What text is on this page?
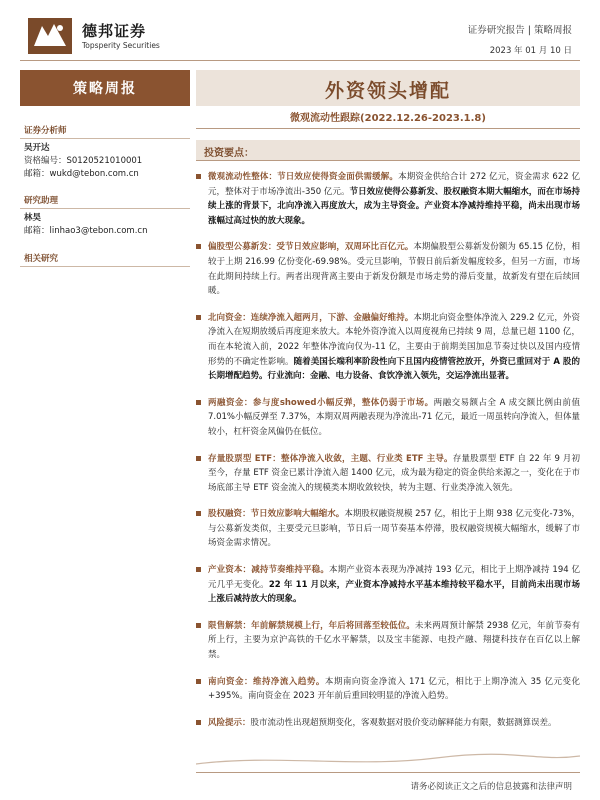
德邦证券
Topsperity Securities
证券研究报告 | 策略周报
2023 年 01 月 10 日
策略周报
证券分析师
吴开达
资格编号：S0120521010001
邮箱：wukd@tebon.com.cn
研究助理
林昊
邮箱：linhao3@tebon.com.cn
相关研究
外资领头增配
微观流动性跟踪(2022.12.26-2023.1.8)
投资要点：
微观流动性整体：节日效应使得资金面供需缓解。本期资金供给合计 272 亿元，资金需求 622 亿元，整体对于市场净流出-350 亿元。节日效应使得公募新发、股权融资本期大幅缩水，而在市场持续上涨的背景下，北向净流入再度放大，成为主导资金。产业资本净减持维持平稳，尚未出现市场涨幅过高过快的放大现象。
偏股型公募新发：受节日效应影响，双周环比百亿元。本期偏股型公募新发份额为 65.15 亿份，相较于上期 216.99 亿份变化-69.98%。受元旦影响，节假日前后新发幅度较多，但另一方面，市场在此期间持续上行。两者出现背离主要由于新发份额是市场走势的滞后变量，故新发有望在后续回暖。
北向资金：连续净流入超两月，下游、金融偏好维持。本期北向资金整体净流入 229.2 亿元，外资净流入在短期放缓后再度迎来放大。本轮外资净流入以周度视角已持续 9 周，总量已超 1100 亿，而在本轮流入前，2022 年整体净流向仅为-11 亿，主要由于前期美国加息节奏过快以及国内疫情形势的不确定性影响。随着美国长端利率阶段性向下且国内疫情管控放开，外资已重回对于 A 股的长期增配趋势。行业流向：金融、电力设备、食饮净流入领先，交运净流出显著。
两融资金：参与度showed小幅反弹，整体仍弱于市场。两融交易额占全 A 成交额比例由前值 7.01%小幅反弹至 7.37%，本期双周两融表现为净流出-71 亿元，最近一周虽转向净流入，但体量较小，杠杆资金风偏仍在低位。
存量股票型 ETF：整体净流入收敛，主题、行业类 ETF 主导。存量股票型 ETF 自 22 年 9 月初至今，存量 ETF 资金已累计净流入超 1400 亿元，成为最为稳定的资金供给来源之一，变化在于市场底部主导 ETF 资金流入的规模类本期收敛较快，转为主题、行业类净流入领先。
股权融资：节日效应影响大幅缩水。本期股权融资规模 257 亿，相比于上期 938 亿元变化-73%，与公募新发类似，主要受元旦影响，节日后一周节奏基本停滞，股权融资规模大幅缩水，缓解了市场资金需求情况。
产业资本：减持节奏维持平稳。本期产业资本表现为净减持 193 亿元，相比于上期净减持 194 亿元几乎无变化。22 年 11 月以来，产业资本净减持水平基本维持较平稳水平，目前尚未出现市场上涨后减持放大的现象。
限售解禁：年前解禁规模上行，年后将回落至较低位。未来两周预计解禁 2938 亿元，年前节奏有所上行，主要为京沪高铁的千亿水平解禁，以及宝丰能源、电投产融、翔捷科技存在百亿以上解禁。
南向资金：维持净流入趋势。本期南向资金净流入 171 亿元，相比于上期净流入 35 亿元变化+395%。南向资金在 2023 开年前后重回较明显的净流入趋势。
风险提示：股市流动性出现超预期变化，客观数据对股价变动解释能力有限，数据测算误差。
请务必阅读正文之后的信息披露和法律声明
